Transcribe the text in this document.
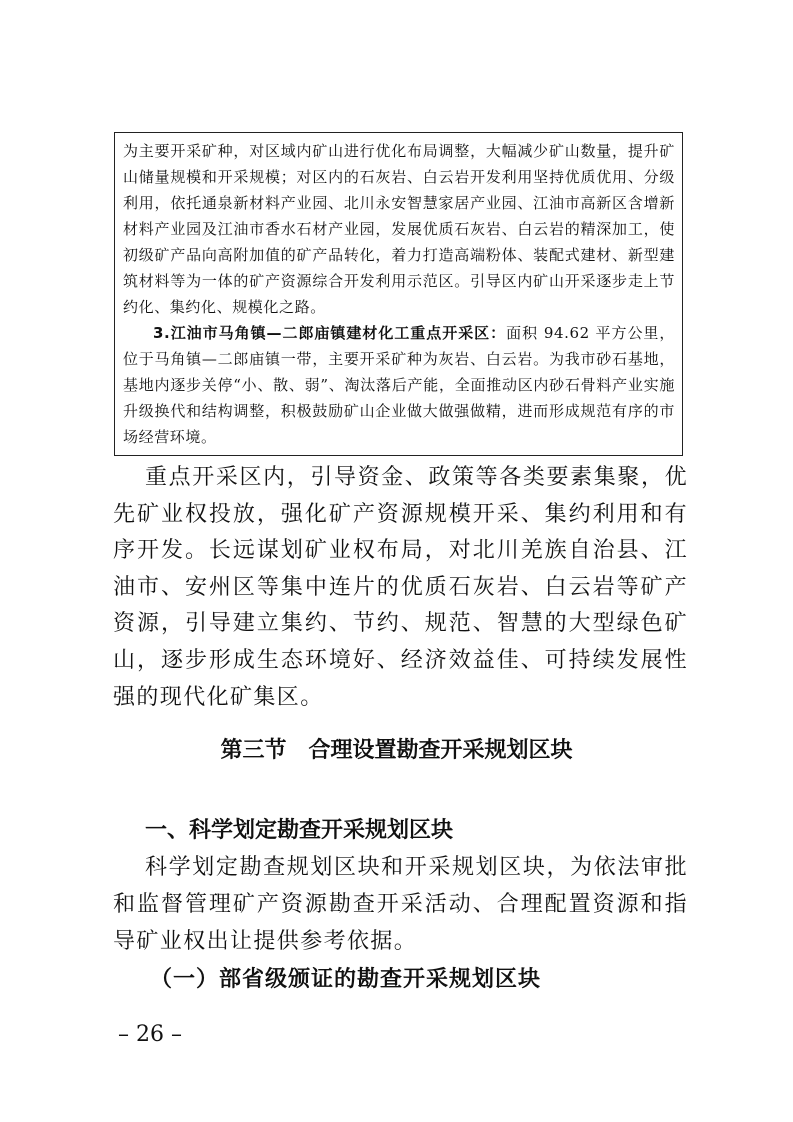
为主要开采矿种，对区域内矿山进行优化布局调整，大幅减少矿山数量，提升矿山储量规模和开采规模；对区内的石灰岩、白云岩开发利用坚持优质优用、分级利用，依托通泉新材料产业园、北川永安智慧家居产业园、江油市高新区含增新材料产业园及江油市香水石材产业园，发展优质石灰岩、白云岩的精深加工，使初级矿产品向高附加值的矿产品转化，着力打造高端粉体、装配式建材、新型建筑材料等为一体的矿产资源综合开发利用示范区。引导区内矿山开采逐步走上节约化、集约化、规模化之路。

3.江油市马角镇—二郎庙镇建材化工重点开采区：面积 94.62 平方公里，位于马角镇—二郎庙镇一带，主要开采矿种为灰岩、白云岩。为我市砂石基地，基地内逐步关停“小、散、弱”、淘汰落后产能，全面推动区内砂石骨料产业实施升级换代和结构调整，积极鼓励矿山企业做大做强做精，进而形成规范有序的市场经营环境。

重点开采区内，引导资金、政策等各类要素集聚，优先矿业权投放，强化矿产资源规模开采、集约利用和有序开发。长远谋划矿业权布局，对北川羌族自治县、江油市、安州区等集中连片的优质石灰岩、白云岩等矿产资源，引导建立集约、节约、规范、智慧的大型绿色矿山，逐步形成生态环境好、经济效益佳、可持续发展性强的现代化矿集区。

第三节　合理设置勘查开采规划区块
一、科学划定勘查开采规划区块

科学划定勘查规划区块和开采规划区块，为依法审批和监督管理矿产资源勘查开采活动、合理配置资源和指导矿业权出让提供参考依据。

（一）部省级颁证的勘查开采规划区块
– 26 –
